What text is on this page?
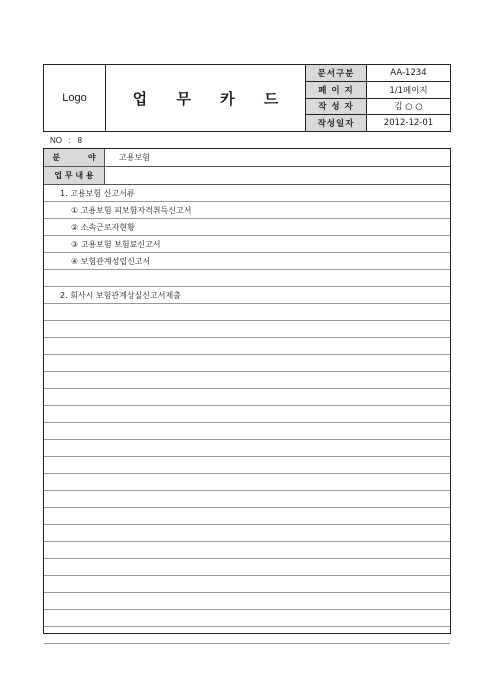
Logo	업 무 카 드
문서구분	AA-1234
페 이 지	1/1페이지
작 성 자	김 ○ ○
작성일자	2012-12-01
NO   :   8
분          야	고용보험
업 무 내 용
1. 고용보험 신고서류
① 고용보험 피보험자격취득신고서
② 소속근로자현황
③ 고용보험 보험료신고서
④ 보험관계성립신고서
2. 회사시 보험관계상실신고서제출
